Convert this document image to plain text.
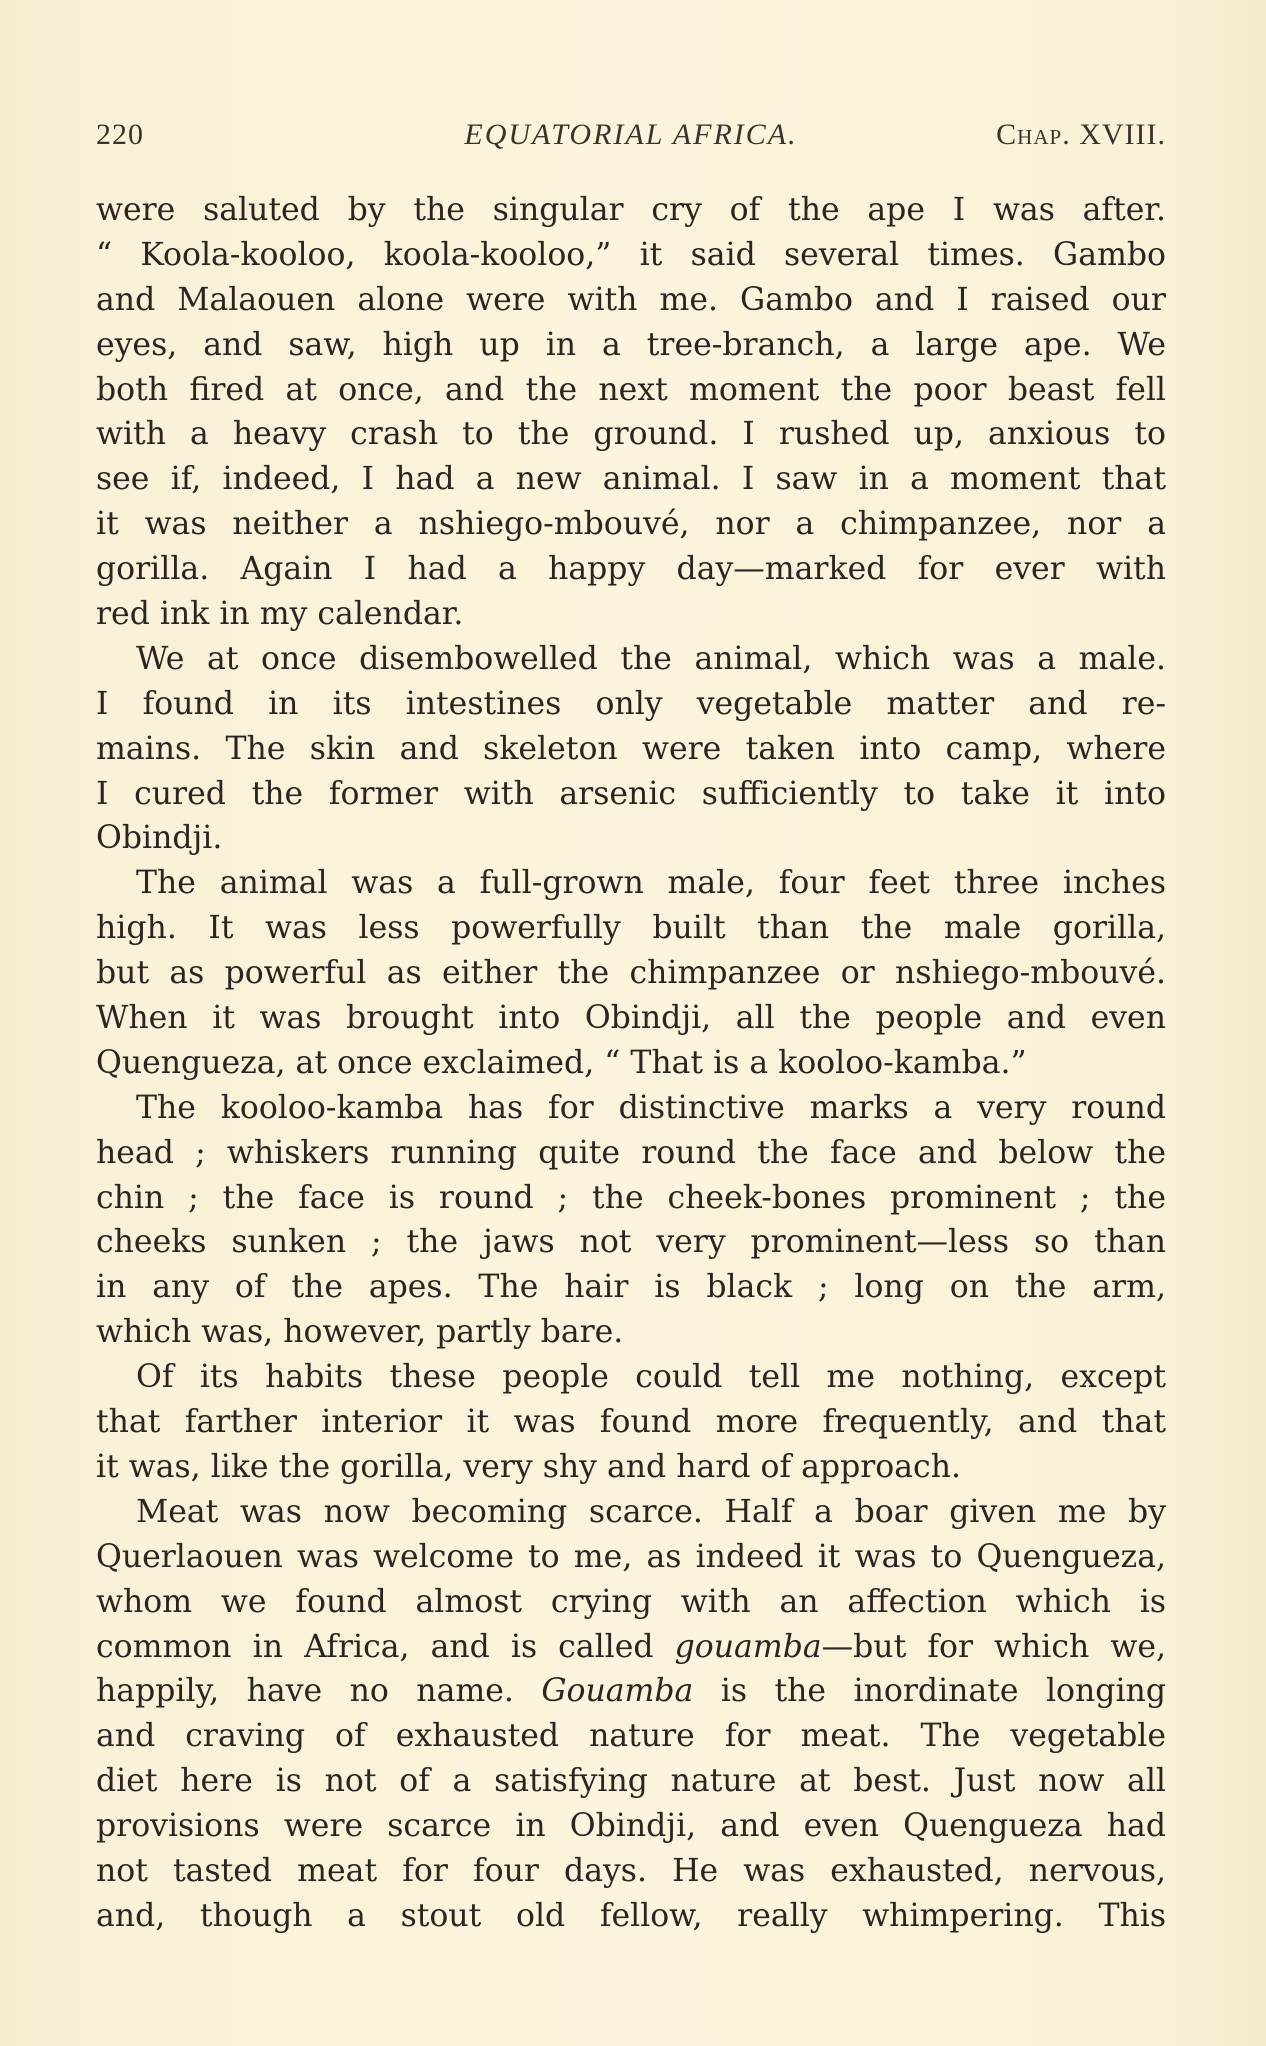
220	EQUATORIAL AFRICA.	Chap. XVIII.
were saluted by the singular cry of the ape I was after.
“ Koola-kooloo, koola-kooloo,” it said several times. Gambo
and Malaouen alone were with me. Gambo and I raised our
eyes, and saw, high up in a tree-branch, a large ape. We
both fired at once, and the next moment the poor beast fell
with a heavy crash to the ground. I rushed up, anxious to
see if, indeed, I had a new animal. I saw in a moment that
it was neither a nshiego-mbouvé, nor a chimpanzee, nor a
gorilla. Again I had a happy day—marked for ever with
red ink in my calendar.
We at once disembowelled the animal, which was a male.
I found in its intestines only vegetable matter and re-
mains. The skin and skeleton were taken into camp, where
I cured the former with arsenic sufficiently to take it into
Obindji.
The animal was a full-grown male, four feet three inches
high. It was less powerfully built than the male gorilla,
but as powerful as either the chimpanzee or nshiego-mbouvé.
When it was brought into Obindji, all the people and even
Quengueza, at once exclaimed, “ That is a kooloo-kamba.”
The kooloo-kamba has for distinctive marks a very round
head ; whiskers running quite round the face and below the
chin ; the face is round ; the cheek-bones prominent ; the
cheeks sunken ; the jaws not very prominent—less so than
in any of the apes. The hair is black ; long on the arm,
which was, however, partly bare.
Of its habits these people could tell me nothing, except
that farther interior it was found more frequently, and that
it was, like the gorilla, very shy and hard of approach.
Meat was now becoming scarce. Half a boar given me by
Querlaouen was welcome to me, as indeed it was to Quengueza,
whom we found almost crying with an affection which is
common in Africa, and is called gouamba—but for which we,
happily, have no name. Gouamba is the inordinate longing
and craving of exhausted nature for meat. The vegetable
diet here is not of a satisfying nature at best. Just now all
provisions were scarce in Obindji, and even Quengueza had
not tasted meat for four days. He was exhausted, nervous,
and, though a stout old fellow, really whimpering. This
